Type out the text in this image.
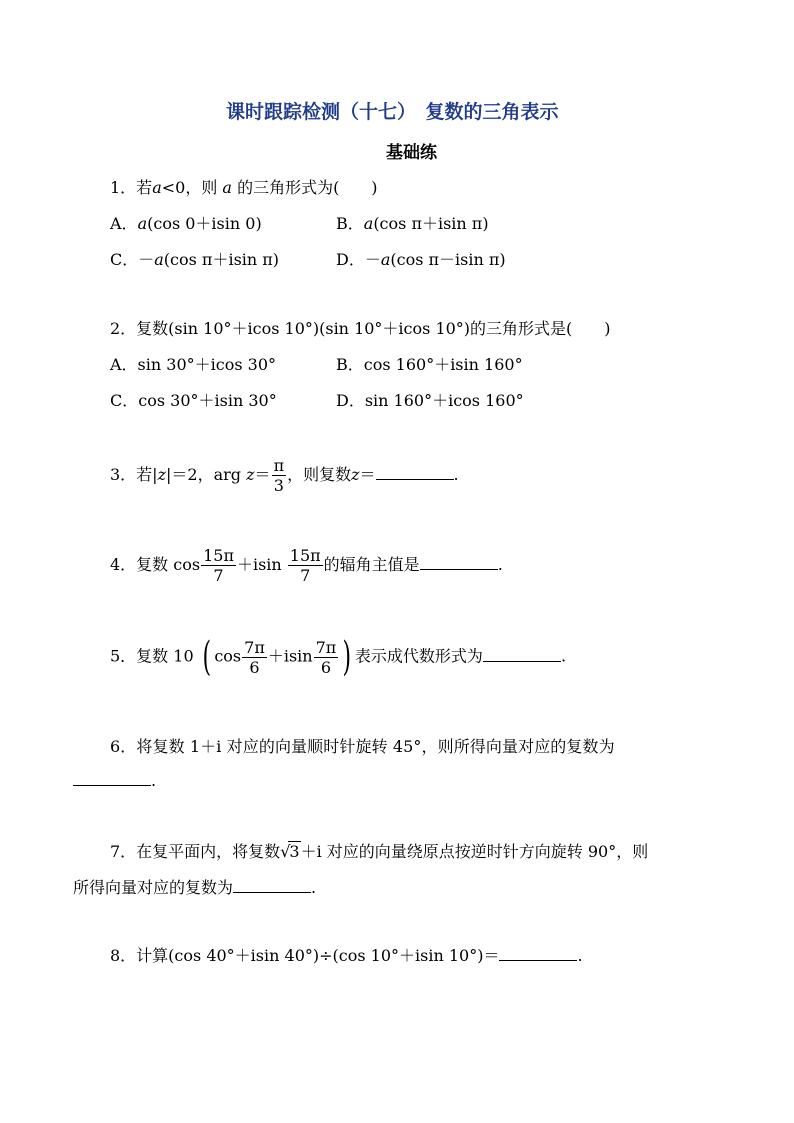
课时跟踪检测（十七）　复数的三角表示
基础练
1．若a<0，则 a 的三角形式为(　　)
A．a(cos 0＋isin 0)	B．a(cos π＋isin π)
C．－a(cos π＋isin π)	D．－a(cos π－isin π)
2．复数(sin 10°＋icos 10°)(sin 10°＋icos 10°)的三角形式是(　　)
A．sin 30°＋icos 30°	B．cos 160°＋isin 160°
C．cos 30°＋isin 30°	D．sin 160°＋icos 160°
3．若|z|＝2，arg $z= \frac{\pi}{3}$ ，则复数z＝	.
4．复数 $\cos \frac{15\pi}{7} +isin \frac{15\pi}{7}$ 的辐角主值是	.
5．复数 10 ( $\cos \frac{7\pi}{6} +isin \frac{7\pi}{6}$ ) 表示成代数形式为	.
6．将复数 1＋i 对应的向量顺时针旋转 45°，则所得向量对应的复数为
.
7．在复平面内，将复数√3＋i 对应的向量绕原点按逆时针方向旋转 90°，则
所得向量对应的复数为	.
8．计算(cos 40°＋isin 40°)÷(cos 10°＋isin 10°)＝	.
